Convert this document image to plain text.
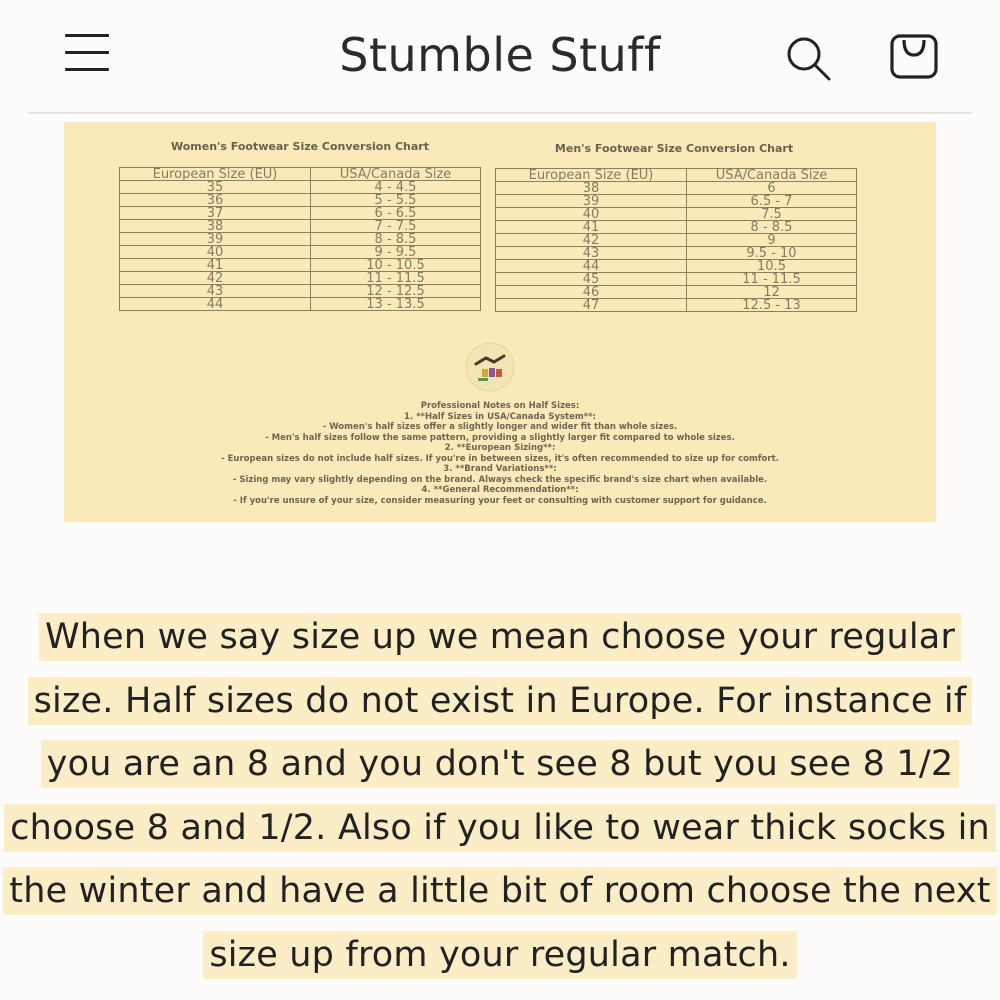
Stumble Stuff
Women's Footwear Size Conversion Chart	Men's Footwear Size Conversion Chart
European Size (EU)	USA/Canada Size
35	4 - 4.5
36	5 - 5.5
37	6 - 6.5
38	7 - 7.5
39	8 - 8.5
40	9 - 9.5
41	10 - 10.5
42	11 - 11.5
43	12 - 12.5
44	13 - 13.5
European Size (EU)	USA/Canada Size
38	6
39	6.5 - 7
40	7.5
41	8 - 8.5
42	9
43	9.5 - 10
44	10.5
45	11 - 11.5
46	12
47	12.5 - 13
Professional Notes on Half Sizes:
1. **Half Sizes in USA/Canada System**:
- Women's half sizes offer a slightly longer and wider fit than whole sizes.
- Men's half sizes follow the same pattern, providing a slightly larger fit compared to whole sizes.
2. **European Sizing**:
- European sizes do not include half sizes. If you're in between sizes, it's often recommended to size up for comfort.
3. **Brand Variations**:
- Sizing may vary slightly depending on the brand. Always check the specific brand's size chart when available.
4. **General Recommendation**:
- If you're unsure of your size, consider measuring your feet or consulting with customer support for guidance.
When we say size up we mean choose your regular
size. Half sizes do not exist in Europe. For instance if
you are an 8 and you don't see 8 but you see 8 1/2
choose 8 and 1/2. Also if you like to wear thick socks in
the winter and have a little bit of room choose the next
size up from your regular match.
